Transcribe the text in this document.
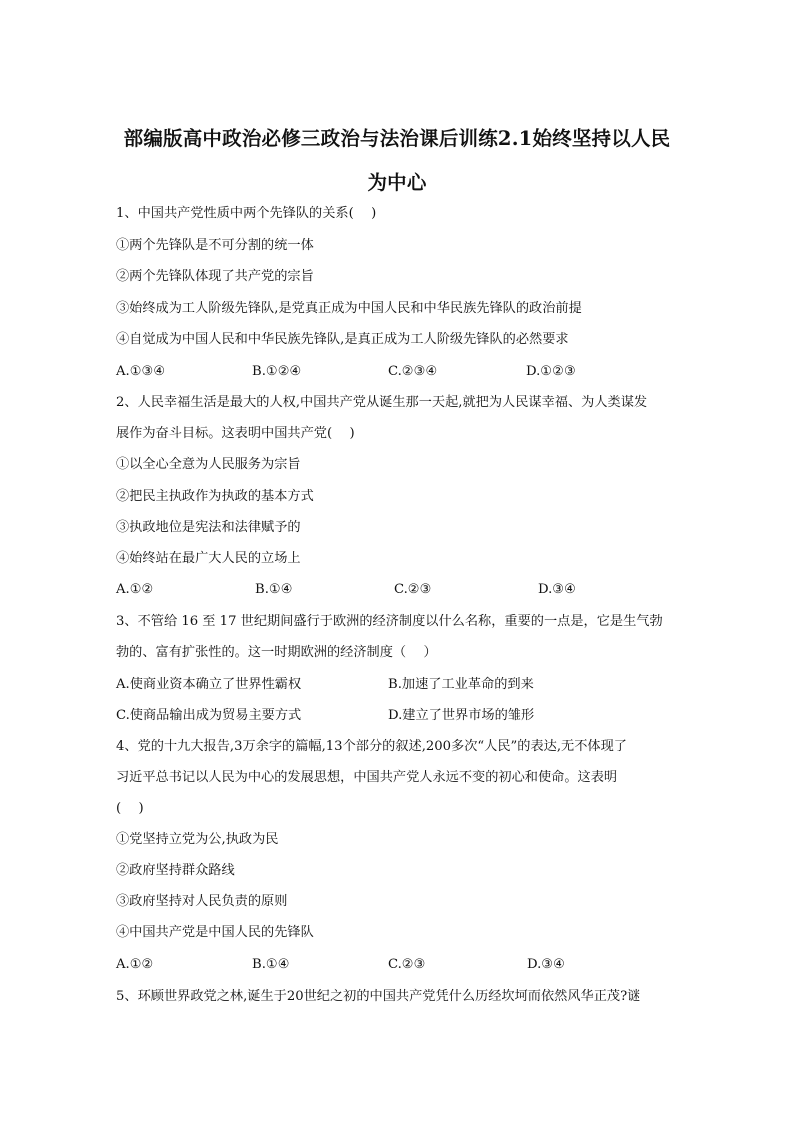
部编版高中政治必修三政治与法治课后训练2.1始终坚持以人民
为中心
1、中国共产党性质中两个先锋队的关系(　 )
①两个先锋队是不可分割的统一体
②两个先锋队体现了共产党的宗旨
③始终成为工人阶级先锋队,是党真正成为中国人民和中华民族先锋队的政治前提
④自觉成为中国人民和中华民族先锋队,是真正成为工人阶级先锋队的必然要求
A.①③④	B.①②④	C.②③④	D.①②③
2、人民幸福生活是最大的人权,中国共产党从诞生那一天起,就把为人民谋幸福、为人类谋发
展作为奋斗目标。这表明中国共产党(　 )
①以全心全意为人民服务为宗旨
②把民主执政作为执政的基本方式
③执政地位是宪法和法律赋予的
④始终站在最广大人民的立场上
A.①②	B.①④	C.②③	D.③④
3、不管给 16 至 17 世纪期间盛行于欧洲的经济制度以什么名称，重要的一点是，它是生气勃
勃的、富有扩张性的。这一时期欧洲的经济制度（　 ）
A.使商业资本确立了世界性霸权	B.加速了工业革命的到来
C.使商品输出成为贸易主要方式	D.建立了世界市场的雏形
4、党的十九大报告,3万余字的篇幅,13个部分的叙述,200多次“人民”的表达,无不体现了
习近平总书记以人民为中心的发展思想，中国共产党人永远不变的初心和使命。这表明
(　 )
①党坚持立党为公,执政为民
②政府坚持群众路线
③政府坚持对人民负责的原则
④中国共产党是中国人民的先锋队
A.①②	B.①④	C.②③	D.③④
5、环顾世界政党之林,诞生于20世纪之初的中国共产党凭什么历经坎坷而依然风华正茂?谜
